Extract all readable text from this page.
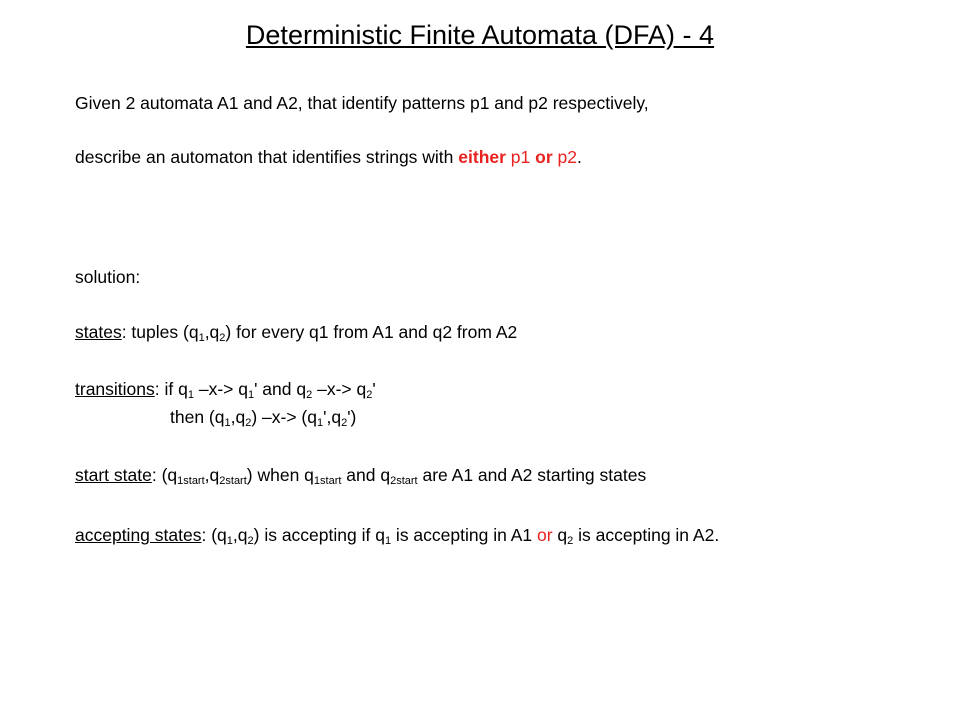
Deterministic Finite Automata (DFA) - 4
Given 2 automata A1 and A2, that identify patterns p1 and p2 respectively,
describe an automaton that identifies strings with either p1 or p2.
solution:
states: tuples $(q_1,q_2)$ for every q1 from A1 and q2 from A2
transitions: if $q_1$ $-x-> q_1'$ and $q_2$ $-x-> q_2'$
then $(q_1,q_2)$ $-x-> (q_1',q_2')$
start state: $(q_{1start},q_{2start})$ when $q_{1start}$ and $q_{2start}$ are A1 and A2 starting states
accepting states: $(q_1,q_2)$ is accepting if $q_1$ is accepting in A1 or $q_2$ is accepting in A2.
